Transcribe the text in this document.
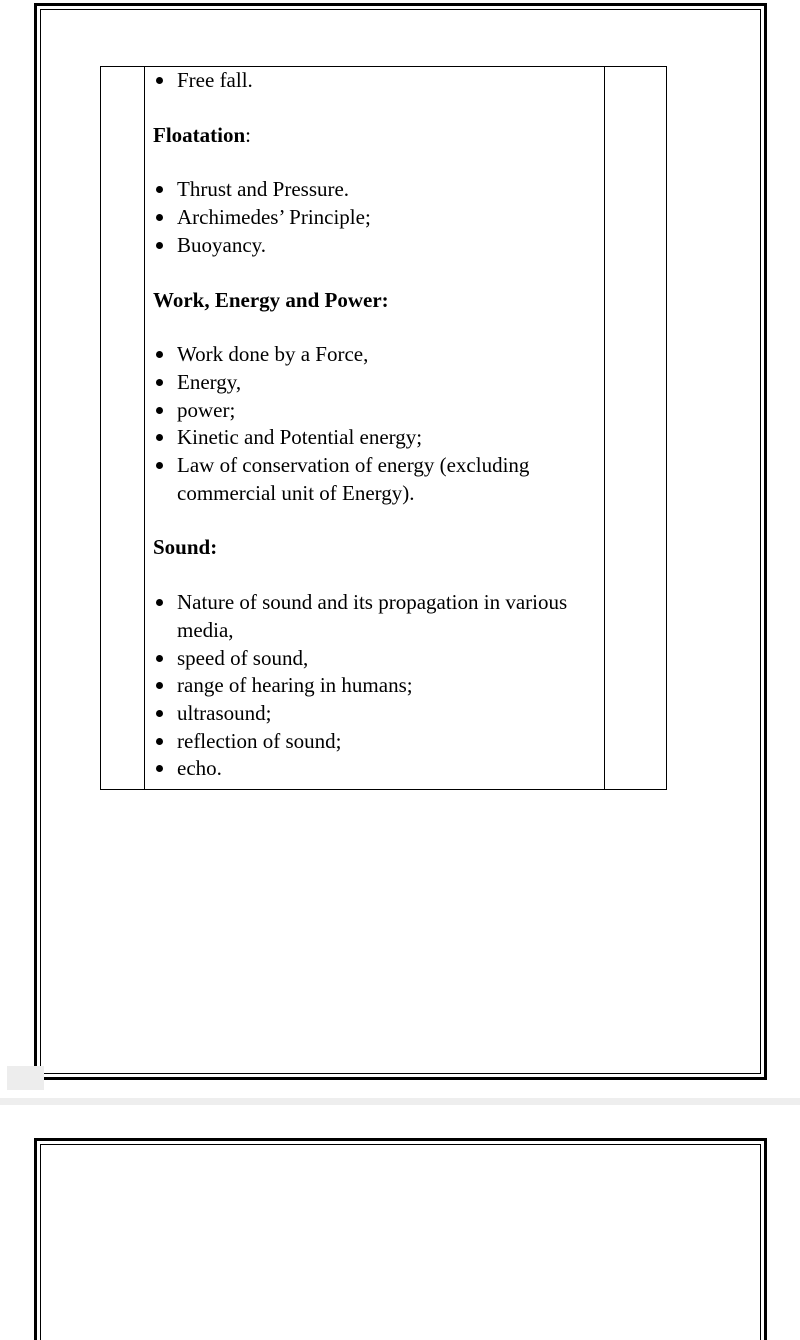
Free fall.
Floatation:
Thrust and Pressure.
Archimedes’ Principle;
Buoyancy.
Work, Energy and Power:
Work done by a Force,
Energy,
power;
Kinetic and Potential energy;
Law of conservation of energy (excluding commercial unit of Energy).
Sound:
Nature of sound and its propagation in various media,
speed of sound,
range of hearing in humans;
ultrasound;
reflection of sound;
echo.
